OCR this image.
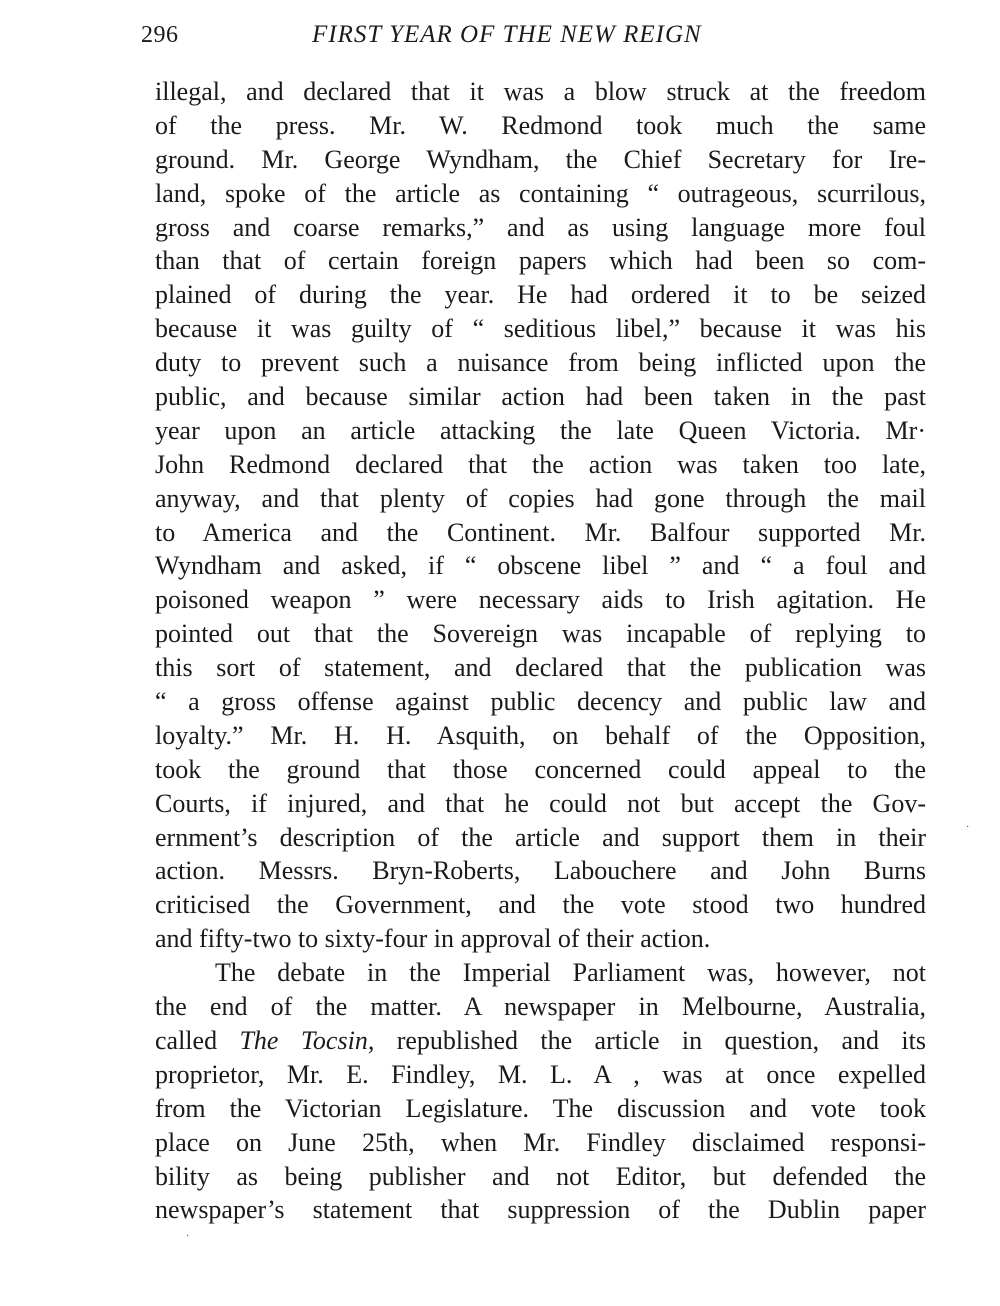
296	FIRST YEAR OF THE NEW REIGN
illegal, and declared that it was a blow struck at the freedom
of the press. Mr. W. Redmond took much the same
ground. Mr. George Wyndham, the Chief Secretary for Ire-
land, spoke of the article as containing “ outrageous, scurrilous,
gross and coarse remarks,” and as using language more foul
than that of certain foreign papers which had been so com-
plained of during the year. He had ordered it to be seized
because it was guilty of “ seditious libel,” because it was his
duty to prevent such a nuisance from being inflicted upon the
public, and because similar action had been taken in the past
year upon an article attacking the late Queen Victoria. Mr·
John Redmond declared that the action was taken too late,
anyway, and that plenty of copies had gone through the mail
to America and the Continent. Mr. Balfour supported Mr.
Wyndham and asked, if “ obscene libel ” and “ a foul and
poisoned weapon ” were necessary aids to Irish agitation. He
pointed out that the Sovereign was incapable of replying to
this sort of statement, and declared that the publication was
“ a gross offense against public decency and public law and
loyalty.” Mr. H. H. Asquith, on behalf of the Opposition,
took the ground that those concerned could appeal to the
Courts, if injured, and that he could not but accept the Gov-
ernment’s description of the article and support them in their
action. Messrs. Bryn-Roberts, Labouchere and John Burns
criticised the Government, and the vote stood two hundred
and fifty-two to sixty-four in approval of their action.
The debate in the Imperial Parliament was, however, not
the end of the matter. A newspaper in Melbourne, Australia,
called The Tocsin, republished the article in question, and its
proprietor, Mr. E. Findley, M. L. A , was at once expelled
from the Victorian Legislature. The discussion and vote took
place on June 25th, when Mr. Findley disclaimed responsi-
bility as being publisher and not Editor, but defended the
newspaper’s statement that suppression of the Dublin paper
·
·
